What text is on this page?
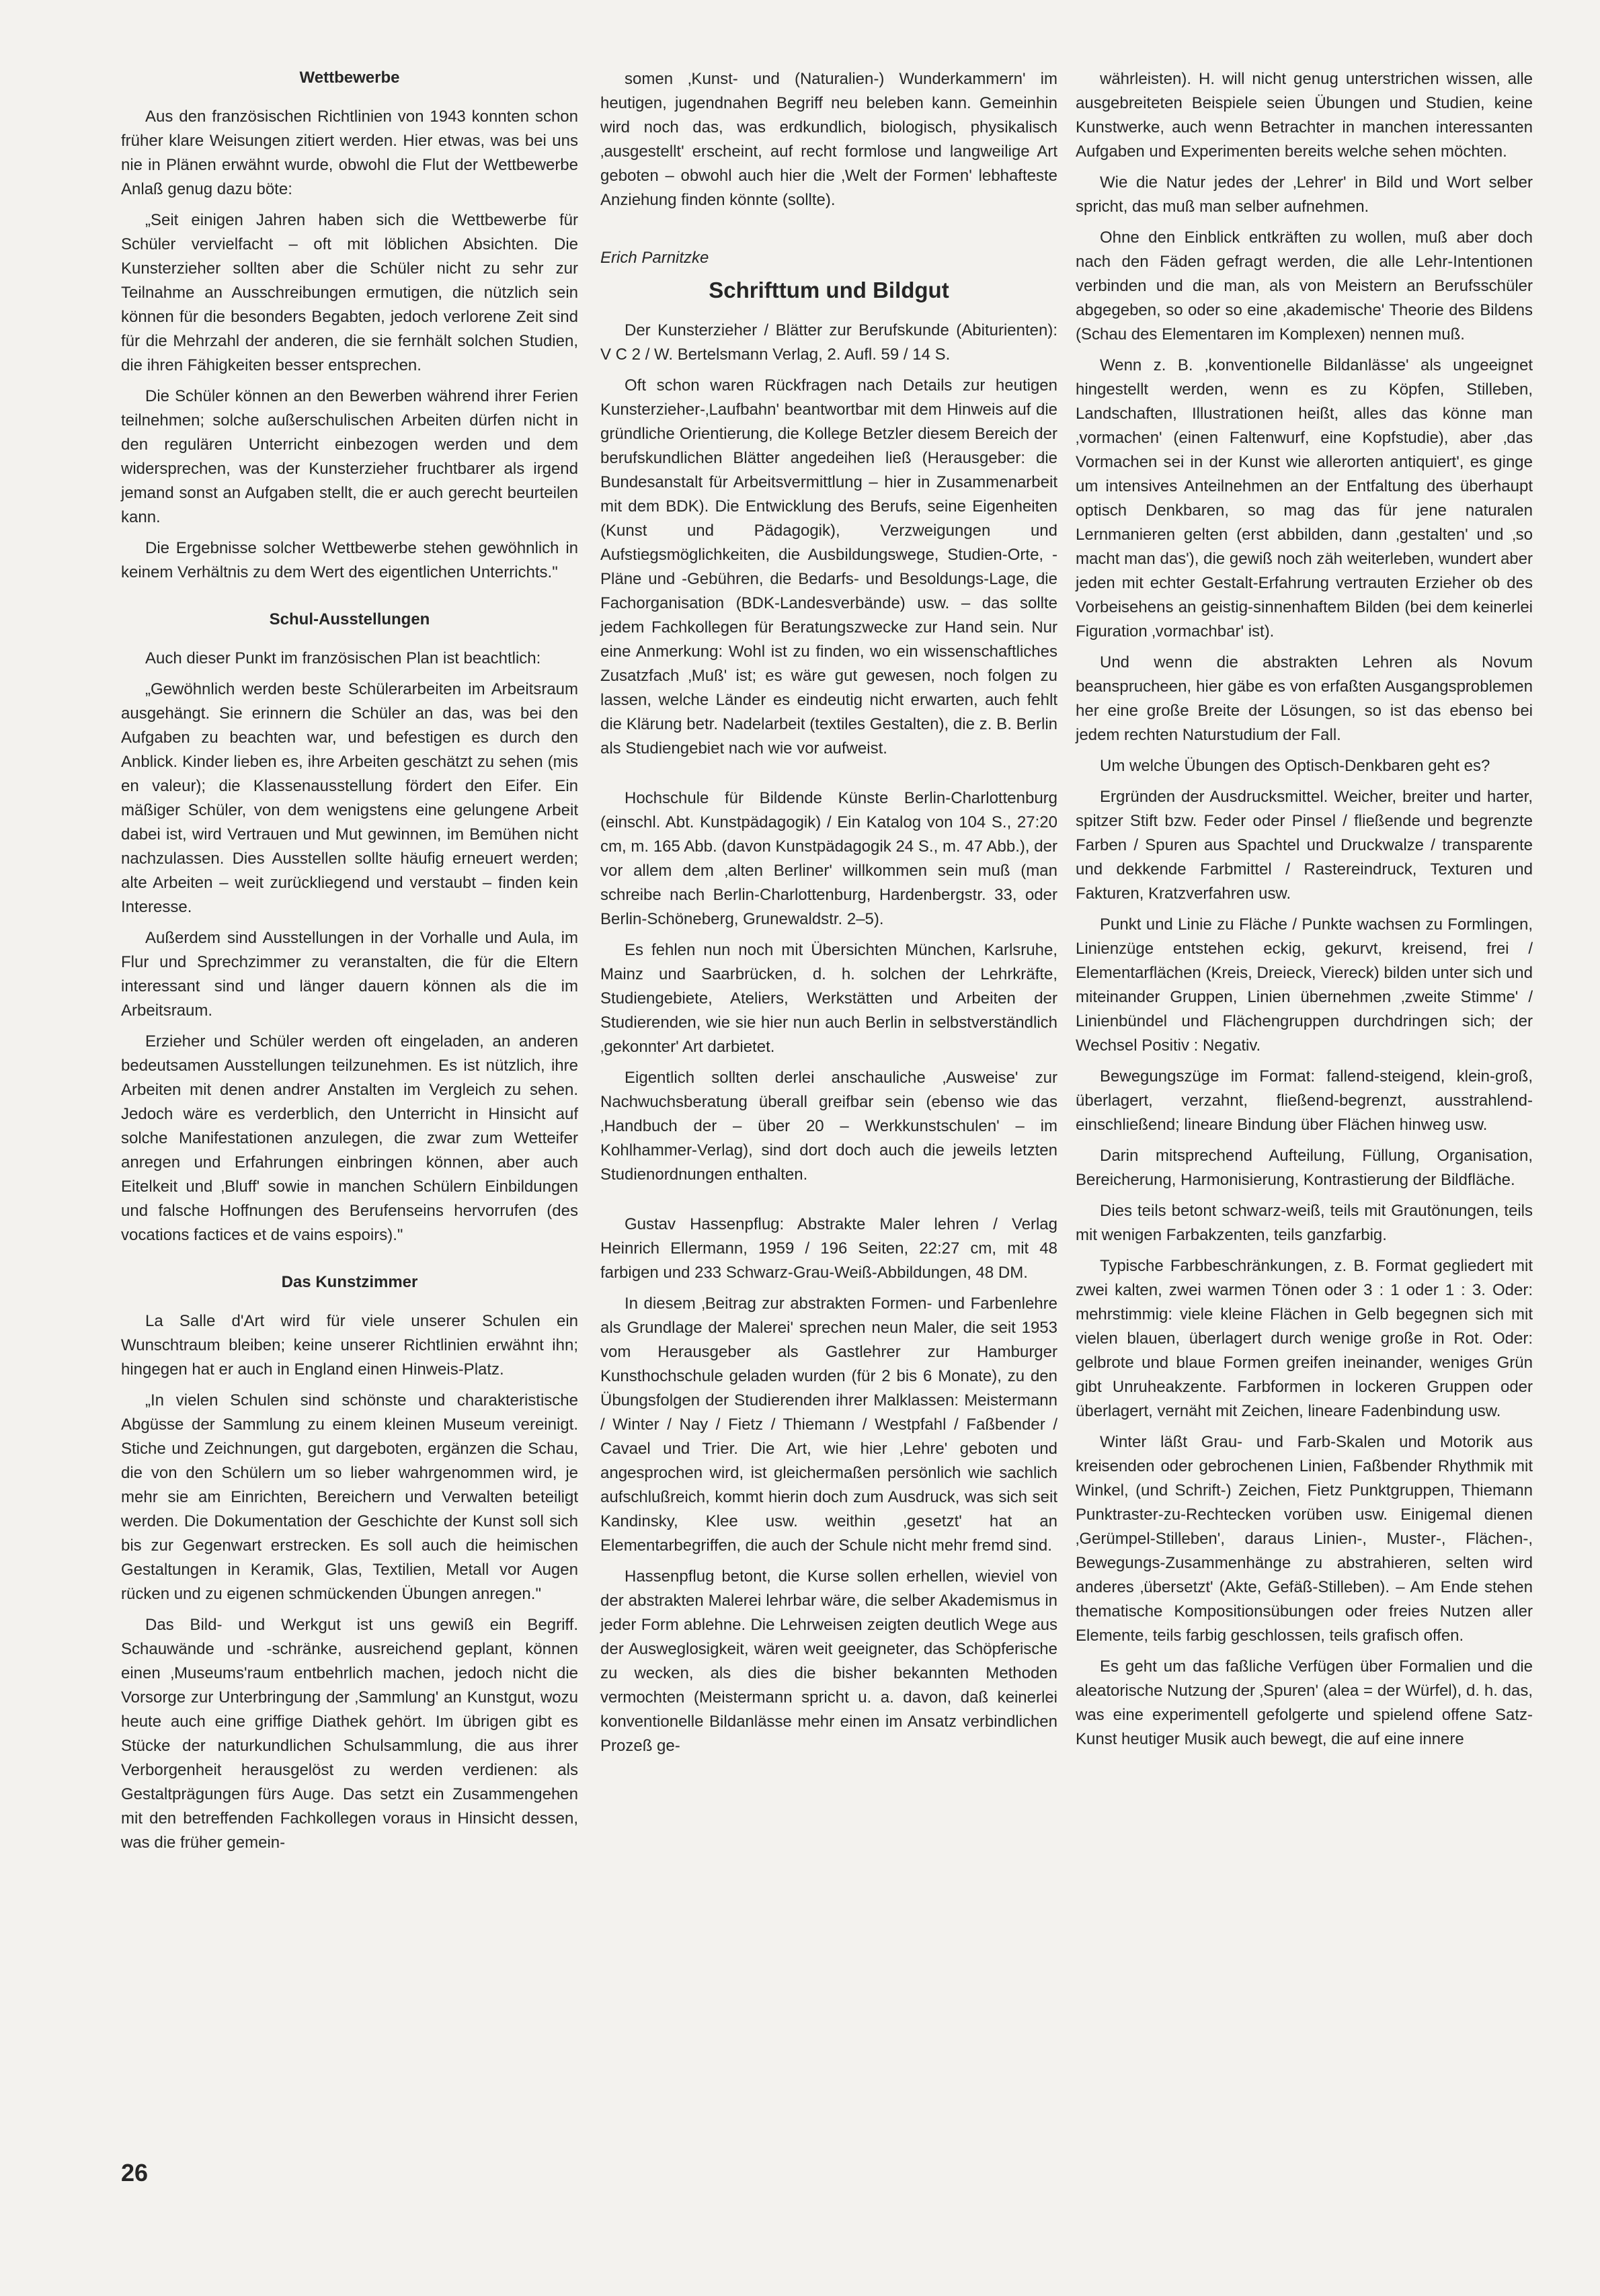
Wettbewerbe

Aus den französischen Richtlinien von 1943 konnten schon früher klare Weisungen zitiert werden. Hier etwas, was bei uns nie in Plänen erwähnt wurde, obwohl die Flut der Wettbewerbe Anlaß genug dazu böte:

„Seit einigen Jahren haben sich die Wettbewerbe für Schüler vervielfacht – oft mit löblichen Absichten. Die Kunsterzieher sollten aber die Schüler nicht zu sehr zur Teilnahme an Ausschreibungen ermutigen, die nützlich sein können für die besonders Begabten, jedoch verlorene Zeit sind für die Mehrzahl der anderen, die sie fernhält solchen Studien, die ihren Fähigkeiten besser entsprechen.

Die Schüler können an den Bewerben während ihrer Ferien teilnehmen; solche außerschulischen Arbeiten dürfen nicht in den regulären Unterricht einbezogen werden und dem widersprechen, was der Kunsterzieher fruchtbarer als irgend jemand sonst an Aufgaben stellt, die er auch gerecht beurteilen kann.

Die Ergebnisse solcher Wettbewerbe stehen gewöhnlich in keinem Verhältnis zu dem Wert des eigentlichen Unterrichts."

Schul-Ausstellungen

Auch dieser Punkt im französischen Plan ist beachtlich:

„Gewöhnlich werden beste Schülerarbeiten im Arbeitsraum ausgehängt. Sie erinnern die Schüler an das, was bei den Aufgaben zu beachten war, und befestigen es durch den Anblick. Kinder lieben es, ihre Arbeiten geschätzt zu sehen (mis en valeur); die Klassenausstellung fördert den Eifer. Ein mäßiger Schüler, von dem wenigstens eine gelungene Arbeit dabei ist, wird Vertrauen und Mut gewinnen, im Bemühen nicht nachzulassen. Dies Ausstellen sollte häufig erneuert werden; alte Arbeiten – weit zurückliegend und verstaubt – finden kein Interesse.

Außerdem sind Ausstellungen in der Vorhalle und Aula, im Flur und Sprechzimmer zu veranstalten, die für die Eltern interessant sind und länger dauern können als die im Arbeitsraum.

Erzieher und Schüler werden oft eingeladen, an anderen bedeutsamen Ausstellungen teilzunehmen. Es ist nützlich, ihre Arbeiten mit denen andrer Anstalten im Vergleich zu sehen. Jedoch wäre es verderblich, den Unterricht in Hinsicht auf solche Manifestationen anzulegen, die zwar zum Wetteifer anregen und Erfahrungen einbringen können, aber auch Eitelkeit und ‚Bluff' sowie in manchen Schülern Einbildungen und falsche Hoffnungen des Berufenseins hervorrufen (des vocations factices et de vains espoirs)."

Das Kunstzimmer

La Salle d'Art wird für viele unserer Schulen ein Wunschtraum bleiben; keine unserer Richtlinien erwähnt ihn; hingegen hat er auch in England einen Hinweis-Platz.

„In vielen Schulen sind schönste und charakteristische Abgüsse der Sammlung zu einem kleinen Museum vereinigt. Stiche und Zeichnungen, gut dargeboten, ergänzen die Schau, die von den Schülern um so lieber wahrgenommen wird, je mehr sie am Einrichten, Bereichern und Verwalten beteiligt werden. Die Dokumentation der Geschichte der Kunst soll sich bis zur Gegenwart erstrecken. Es soll auch die heimischen Gestaltungen in Keramik, Glas, Textilien, Metall vor Augen rücken und zu eigenen schmückenden Übungen anregen."

Das Bild- und Werkgut ist uns gewiß ein Begriff. Schauwände und -schränke, ausreichend geplant, können einen ‚Museums'raum entbehrlich machen, jedoch nicht die Vorsorge zur Unterbringung der ‚Sammlung' an Kunstgut, wozu heute auch eine griffige Diathek gehört. Im übrigen gibt es Stücke der naturkundlichen Schulsammlung, die aus ihrer Verborgenheit herausgelöst zu werden verdienen: als Gestaltprägungen fürs Auge. Das setzt ein Zusammengehen mit den betreffenden Fachkollegen voraus in Hinsicht dessen, was die früher gemein-

somen ‚Kunst- und (Naturalien-) Wunderkammern' im heutigen, jugendnahen Begriff neu beleben kann. Gemeinhin wird noch das, was erdkundlich, biologisch, physikalisch ‚ausgestellt' erscheint, auf recht formlose und langweilige Art geboten – obwohl auch hier die ‚Welt der Formen' lebhafteste Anziehung finden könnte (sollte).

Erich Parnitzke

Schrifttum und Bildgut

Der Kunsterzieher / Blätter zur Berufskunde (Abiturienten): V C 2 / W. Bertelsmann Verlag, 2. Aufl. 59 / 14 S.

Oft schon waren Rückfragen nach Details zur heutigen Kunsterzieher-‚Laufbahn' beantwortbar mit dem Hinweis auf die gründliche Orientierung, die Kollege Betzler diesem Bereich der berufskundlichen Blätter angedeihen ließ (Herausgeber: die Bundesanstalt für Arbeitsvermittlung – hier in Zusammenarbeit mit dem BDK). Die Entwicklung des Berufs, seine Eigenheiten (Kunst und Pädagogik), Verzweigungen und Aufstiegsmöglichkeiten, die Ausbildungswege, Studien-Orte, -Pläne und -Gebühren, die Bedarfs- und Besoldungs-Lage, die Fachorganisation (BDK-Landesverbände) usw. – das sollte jedem Fachkollegen für Beratungszwecke zur Hand sein. Nur eine Anmerkung: Wohl ist zu finden, wo ein wissenschaftliches Zusatzfach ‚Muß' ist; es wäre gut gewesen, noch folgen zu lassen, welche Länder es eindeutig nicht erwarten, auch fehlt die Klärung betr. Nadelarbeit (textiles Gestalten), die z. B. Berlin als Studiengebiet nach wie vor aufweist.

Hochschule für Bildende Künste Berlin-Charlottenburg (einschl. Abt. Kunstpädagogik) / Ein Katalog von 104 S., 27:20 cm, m. 165 Abb. (davon Kunstpädagogik 24 S., m. 47 Abb.), der vor allem dem ‚alten Berliner' willkommen sein muß (man schreibe nach Berlin-Charlottenburg, Hardenbergstr. 33, oder Berlin-Schöneberg, Grunewaldstr. 2–5).

Es fehlen nun noch mit Übersichten München, Karlsruhe, Mainz und Saarbrücken, d. h. solchen der Lehrkräfte, Studiengebiete, Ateliers, Werkstätten und Arbeiten der Studierenden, wie sie hier nun auch Berlin in selbstverständlich ‚gekonnter' Art darbietet.

Eigentlich sollten derlei anschauliche ‚Ausweise' zur Nachwuchsberatung überall greifbar sein (ebenso wie das ‚Handbuch der – über 20 – Werkkunstschulen' – im Kohlhammer-Verlag), sind dort doch auch die jeweils letzten Studienordnungen enthalten.

Gustav Hassenpflug: Abstrakte Maler lehren / Verlag Heinrich Ellermann, 1959 / 196 Seiten, 22:27 cm, mit 48 farbigen und 233 Schwarz-Grau-Weiß-Abbildungen, 48 DM.

In diesem ‚Beitrag zur abstrakten Formen- und Farbenlehre als Grundlage der Malerei' sprechen neun Maler, die seit 1953 vom Herausgeber als Gastlehrer zur Hamburger Kunsthochschule geladen wurden (für 2 bis 6 Monate), zu den Übungsfolgen der Studierenden ihrer Malklassen: Meistermann / Winter / Nay / Fietz / Thiemann / Westpfahl / Faßbender / Cavael und Trier. Die Art, wie hier ‚Lehre' geboten und angesprochen wird, ist gleichermaßen persönlich wie sachlich aufschlußreich, kommt hierin doch zum Ausdruck, was sich seit Kandinsky, Klee usw. weithin ‚gesetzt' hat an Elementarbegriffen, die auch der Schule nicht mehr fremd sind.

Hassenpflug betont, die Kurse sollen erhellen, wieviel von der abstrakten Malerei lehrbar wäre, die selber Akademismus in jeder Form ablehne. Die Lehrweisen zeigten deutlich Wege aus der Ausweglosigkeit, wären weit geeigneter, das Schöpferische zu wecken, als dies die bisher bekannten Methoden vermochten (Meistermann spricht u. a. davon, daß keinerlei konventionelle Bildanlässe mehr einen im Ansatz verbindlichen Prozeß ge-

währleisten). H. will nicht genug unterstrichen wissen, alle ausgebreiteten Beispiele seien Übungen und Studien, keine Kunstwerke, auch wenn Betrachter in manchen interessanten Aufgaben und Experimenten bereits welche sehen möchten.

Wie die Natur jedes der ‚Lehrer' in Bild und Wort selber spricht, das muß man selber aufnehmen.

Ohne den Einblick entkräften zu wollen, muß aber doch nach den Fäden gefragt werden, die alle Lehr-Intentionen verbinden und die man, als von Meistern an Berufsschüler abgegeben, so oder so eine ‚akademische' Theorie des Bildens (Schau des Elementaren im Komplexen) nennen muß.

Wenn z. B. ‚konventionelle Bildanlässe' als ungeeignet hingestellt werden, wenn es zu Köpfen, Stilleben, Landschaften, Illustrationen heißt, alles das könne man ‚vormachen' (einen Faltenwurf, eine Kopfstudie), aber ‚das Vormachen sei in der Kunst wie allerorten antiquiert', es ginge um intensives Anteilnehmen an der Entfaltung des überhaupt optisch Denkbaren, so mag das für jene naturalen Lernmanieren gelten (erst abbilden, dann ‚gestalten' und ‚so macht man das'), die gewiß noch zäh weiterleben, wundert aber jeden mit echter Gestalt-Erfahrung vertrauten Erzieher ob des Vorbeisehens an geistig-sinnenhaftem Bilden (bei dem keinerlei Figuration ‚vormachbar' ist).

Und wenn die abstrakten Lehren als Novum beansprucheen, hier gäbe es von erfaßten Ausgangsproblemen her eine große Breite der Lösungen, so ist das ebenso bei jedem rechten Naturstudium der Fall.

Um welche Übungen des Optisch-Denkbaren geht es?

Ergründen der Ausdrucksmittel. Weicher, breiter und harter, spitzer Stift bzw. Feder oder Pinsel / fließende und begrenzte Farben / Spuren aus Spachtel und Druckwalze / transparente und dekkende Farbmittel / Rastereindruck, Texturen und Fakturen, Kratzverfahren usw.

Punkt und Linie zu Fläche / Punkte wachsen zu Formlingen, Linienzüge entstehen eckig, gekurvt, kreisend, frei / Elementarflächen (Kreis, Dreieck, Viereck) bilden unter sich und miteinander Gruppen, Linien übernehmen ‚zweite Stimme' / Linienbündel und Flächengruppen durchdringen sich; der Wechsel Positiv : Negativ.

Bewegungszüge im Format: fallend-steigend, klein-groß, überlagert, verzahnt, fließend-begrenzt, ausstrahlend-einschließend; lineare Bindung über Flächen hinweg usw.

Darin mitsprechend Aufteilung, Füllung, Organisation, Bereicherung, Harmonisierung, Kontrastierung der Bildfläche.

Dies teils betont schwarz-weiß, teils mit Grautönungen, teils mit wenigen Farbakzenten, teils ganzfarbig.

Typische Farbbeschränkungen, z. B. Format gegliedert mit zwei kalten, zwei warmen Tönen oder 3 : 1 oder 1 : 3. Oder: mehrstimmig: viele kleine Flächen in Gelb begegnen sich mit vielen blauen, überlagert durch wenige große in Rot. Oder: gelbrote und blaue Formen greifen ineinander, weniges Grün gibt Unruheakzente. Farbformen in lockeren Gruppen oder überlagert, vernäht mit Zeichen, lineare Fadenbindung usw.

Winter läßt Grau- und Farb-Skalen und Motorik aus kreisenden oder gebrochenen Linien, Faßbender Rhythmik mit Winkel, (und Schrift-) Zeichen, Fietz Punktgruppen, Thiemann Punktraster-zu-Rechtecken vorüben usw. Einigemal dienen ‚Gerümpel-Stilleben', daraus Linien-, Muster-, Flächen-, Bewegungs-Zusammenhänge zu abstrahieren, selten wird anderes ‚übersetzt' (Akte, Gefäß-Stilleben). – Am Ende stehen thematische Kompositionsübungen oder freies Nutzen aller Elemente, teils farbig geschlossen, teils grafisch offen.

Es geht um das faßliche Verfügen über Formalien und die aleatorische Nutzung der ‚Spuren' (alea = der Würfel), d. h. das, was eine experimentell gefolgerte und spielend offene Satz-Kunst heutiger Musik auch bewegt, die auf eine innere

26
